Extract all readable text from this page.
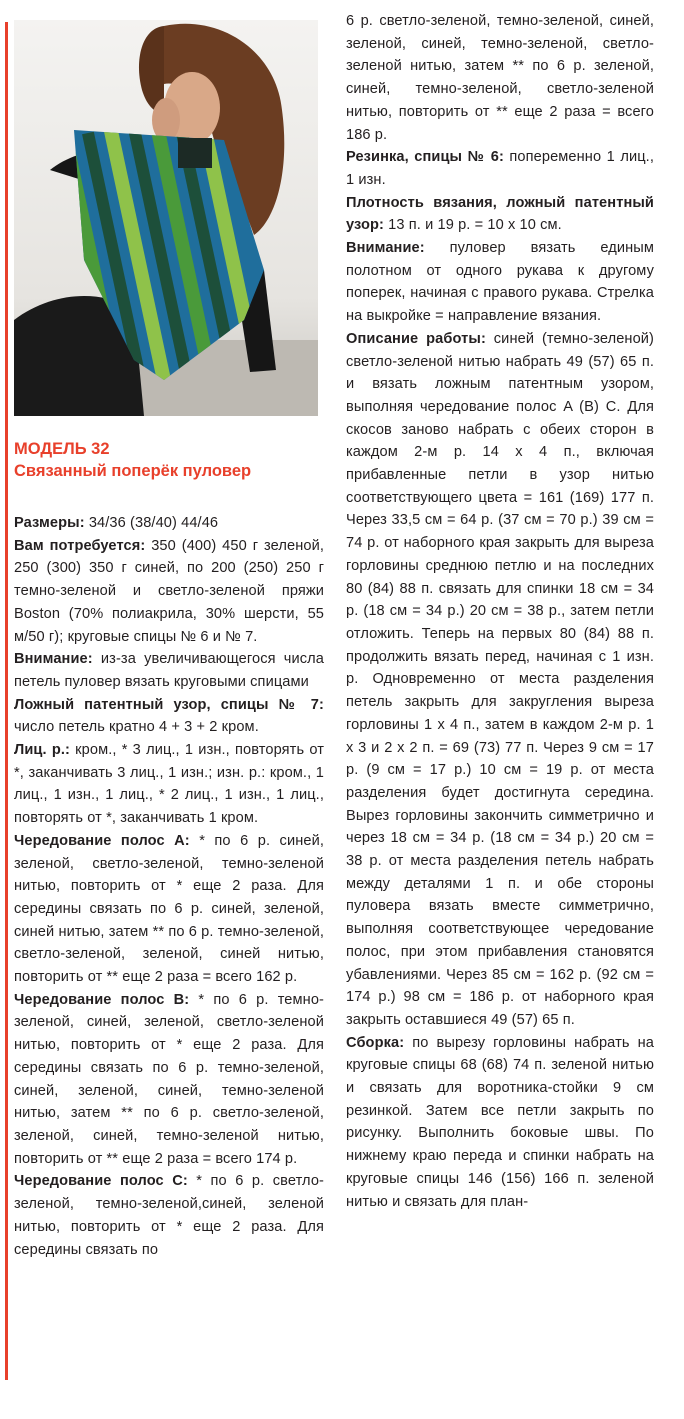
МОДЕЛЬ 32
Связанный поперёк пуловер

Размеры: 34/36 (38/40) 44/46

Вам потребуется: 350 (400) 450 г зеленой, 250 (300) 350 г синей, по 200 (250) 250 г темно-зеленой и светло-зеленой пряжи Boston (70% полиакрила, 30% шерсти, 55 м/50 г); круговые спицы № 6 и № 7.

Внимание: из-за увеличивающегося числа петель пуловер вязать круговыми спицами

Ложный патентный узор, спицы № 7: число петель кратно 4 + 3 + 2 кром.

Лиц. р.: кром., * 3 лиц., 1 изн., повторять от *, заканчивать 3 лиц., 1 изн.; изн. р.: кром., 1 лиц., 1 изн., 1 лиц., * 2 лиц., 1 изн., 1 лиц., повторять от *, заканчивать 1 кром.

Чередование полос A: * по 6 р. синей, зеленой, светло-зеленой, темно-зеленой нитью, повторить от * еще 2 раза. Для середины связать по 6 р. синей, зеленой, синей нитью, затем ** по 6 р. темно-зеленой, светло-зеленой, зеленой, синей нитью, повторить от ** еще 2 раза = всего 162 р.

Чередование полос B: * по 6 р. темно-зеленой, синей, зеленой, светло-зеленой нитью, повторить от * еще 2 раза. Для середины связать по 6 р. темно-зеленой, синей, зеленой, синей, темно-зеленой нитью, затем ** по 6 р. светло-зеленой, зеленой, синей, темно-зеленой нитью, повторить от ** еще 2 раза = всего 174 р.

Чередование полос C: * по 6 р. светло-зеленой, темно-зеленой,синей, зеленой нитью, повторить от * еще 2 раза. Для середины связать по

6 р. светло-зеленой, темно-зеленой, синей, зеленой, синей, темно-зеленой, светло-зеленой нитью, затем ** по 6 р. зеленой, синей, темно-зеленой, светло-зеленой нитью, повторить от ** еще 2 раза = всего 186 р.

Резинка, спицы № 6: попеременно 1 лиц., 1 изн.

Плотность вязания, ложный патентный узор: 13 п. и 19 р. = 10 х 10 см.

Внимание: пуловер вязать единым полотном от одного рукава к другому поперек, начиная с правого рукава. Стрелка на выкройке = направление вязания.

Описание работы: синей (темно-зеленой) светло-зеленой нитью набрать 49 (57) 65 п. и вязать ложным патентным узором, выполняя чередование полос A (B) C. Для скосов заново набрать с обеих сторон в каждом 2-м р. 14 х 4 п., включая прибавленные петли в узор нитью соответствующего цвета = 161 (169) 177 п. Через 33,5 см = 64 р. (37 см = 70 р.) 39 см = 74 р. от наборного края закрыть для выреза горловины среднюю петлю и на последних 80 (84) 88 п. связать для спинки 18 см = 34 р. (18 см = 34 р.) 20 см = 38 р., затем петли отложить. Теперь на первых 80 (84) 88 п. продолжить вязать перед, начиная с 1 изн. р. Одновременно от места разделения петель закрыть для закругления выреза горловины 1 х 4 п., затем в каждом 2-м р. 1 х 3 и 2 х 2 п. = 69 (73) 77 п. Через 9 см = 17 р. (9 см = 17 р.) 10 см = 19 р. от места разделения будет достигнута середина. Вырез горловины закончить симметрично и через 18 см = 34 р. (18 см = 34 р.) 20 см = 38 р. от места разделения петель набрать между деталями 1 п. и обе стороны пуловера вязать вместе симметрично, выполняя соответствующее чередование полос, при этом прибавления становятся убавлениями. Через 85 см = 162 р. (92 см = 174 р.) 98 см = 186 р. от наборного края закрыть оставшиеся 49 (57) 65 п.

Сборка: по вырезу горловины набрать на круговые спицы 68 (68) 74 п. зеленой нитью и связать для воротника-стойки 9 см резинкой. Затем все петли закрыть по рисунку. Выполнить боковые швы. По нижнему краю переда и спинки набрать на круговые спицы 146 (156) 166 п. зеленой нитью и связать для план-
